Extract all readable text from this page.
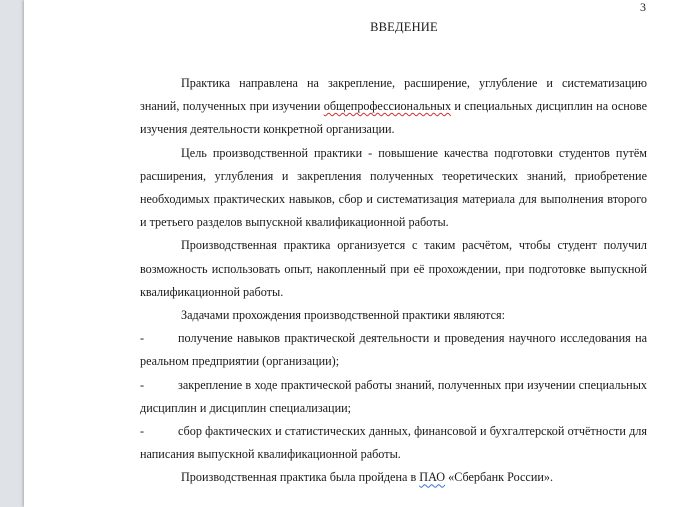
3
ВВЕДЕНИЕ

Практика направлена на закрепление, расширение, углубление и систематизацию знаний, полученных при изучении общепрофессиональных и специальных дисциплин на основе изучения деятельности конкретной организации.

Цель производственной практики - повышение качества подготовки студентов путём расширения, углубления и закрепления полученных теоретических знаний, приобретение необходимых практических навыков, сбор и систематизация материала для выполнения второго и третьего разделов выпускной квалификационной работы.

Производственная практика организуется с таким расчётом, чтобы студент получил возможность использовать опыт, накопленный при её прохождении, при подготовке выпускной квалификационной работы.

Задачами прохождения производственной практики являются:

-	получение навыков практической деятельности и проведения научного исследования на реальном предприятии (организации);

-	закрепление в ходе практической работы знаний, полученных при изучении специальных дисциплин и дисциплин специализации;

-	сбор фактических и статистических данных, финансовой и бухгалтерской отчётности для написания выпускной квалификационной работы.

Производственная практика была пройдена в ПАО «Сбербанк России».
